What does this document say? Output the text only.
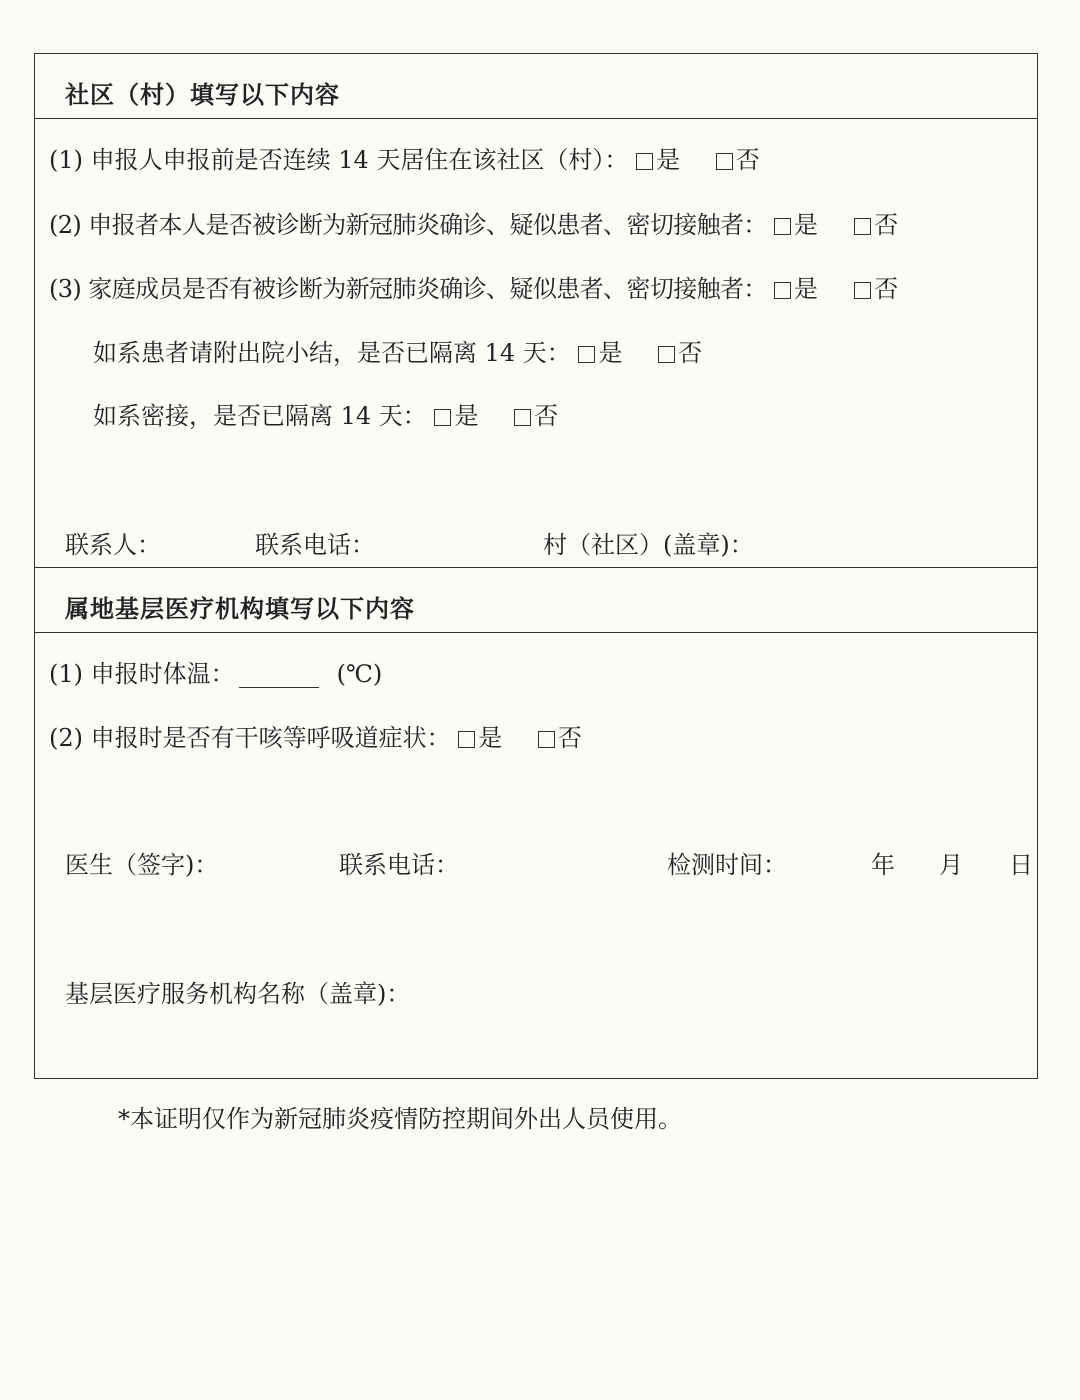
社区（村）填写以下内容
(1) 申报人申报前是否连续 14 天居住在该社区（村）： 是 否
(2) 申报者本人是否被诊断为新冠肺炎确诊、疑似患者、密切接触者： 是 否
(3) 家庭成员是否有被诊断为新冠肺炎确诊、疑似患者、密切接触者： 是 否
如系患者请附出院小结，是否已隔离 14 天： 是 否
如系密接，是否已隔离 14 天： 是 否
联系人：	联系电话：	村（社区）(盖章)：
属地基层医疗机构填写以下内容
(1) 申报时体温：	(℃)
(2) 申报时是否有干咳等呼吸道症状： 是 否
医生（签字)：	联系电话：	检测时间：	年 月 日
基层医疗服务机构名称（盖章)：
*本证明仅作为新冠肺炎疫情防控期间外出人员使用。
